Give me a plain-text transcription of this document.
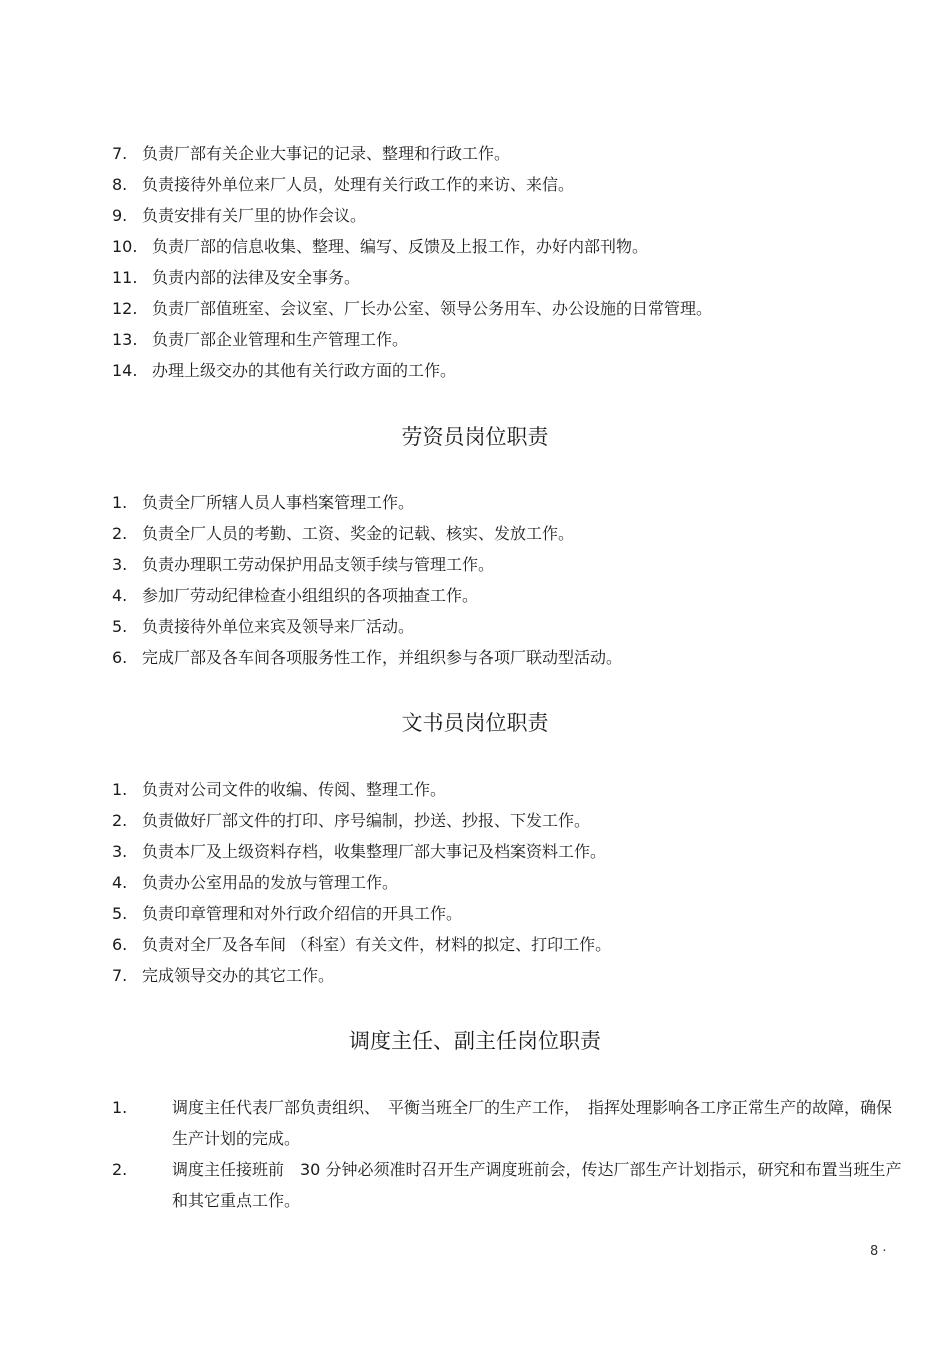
7. 负责厂部有关企业大事记的记录、整理和行政工作。
8. 负责接待外单位来厂人员，处理有关行政工作的来访、来信。
9. 负责安排有关厂里的协作会议。
10. 负责厂部的信息收集、整理、编写、反馈及上报工作，办好内部刊物。
11. 负责内部的法律及安全事务。
12. 负责厂部值班室、会议室、厂长办公室、领导公务用车、办公设施的日常管理。
13. 负责厂部企业管理和生产管理工作。
14. 办理上级交办的其他有关行政方面的工作。
劳资员岗位职责
1. 负责全厂所辖人员人事档案管理工作。
2. 负责全厂人员的考勤、工资、奖金的记载、核实、发放工作。
3. 负责办理职工劳动保护用品支领手续与管理工作。
4. 参加厂劳动纪律检查小组组织的各项抽查工作。
5. 负责接待外单位来宾及领导来厂活动。
6. 完成厂部及各车间各项服务性工作，并组织参与各项厂联动型活动。
文书员岗位职责
1. 负责对公司文件的收编、传阅、整理工作。
2. 负责做好厂部文件的打印、序号编制，抄送、抄报、下发工作。
3. 负责本厂及上级资料存档，收集整理厂部大事记及档案资料工作。
4. 负责办公室用品的发放与管理工作。
5. 负责印章管理和对外行政介绍信的开具工作。
6. 负责对全厂及各车间 （科室）有关文件，材料的拟定、打印工作。
7. 完成领导交办的其它工作。
调度主任、副主任岗位职责
1.	调度主任代表厂部负责组织、　平衡当班全厂的生产工作，　指挥处理影响各工序正常生产的故障，确保生产计划的完成。
2.	调度主任接班前　30 分钟必须准时召开生产调度班前会，传达厂部生产计划指示，研究和布置当班生产和其它重点工作。
8 ·
